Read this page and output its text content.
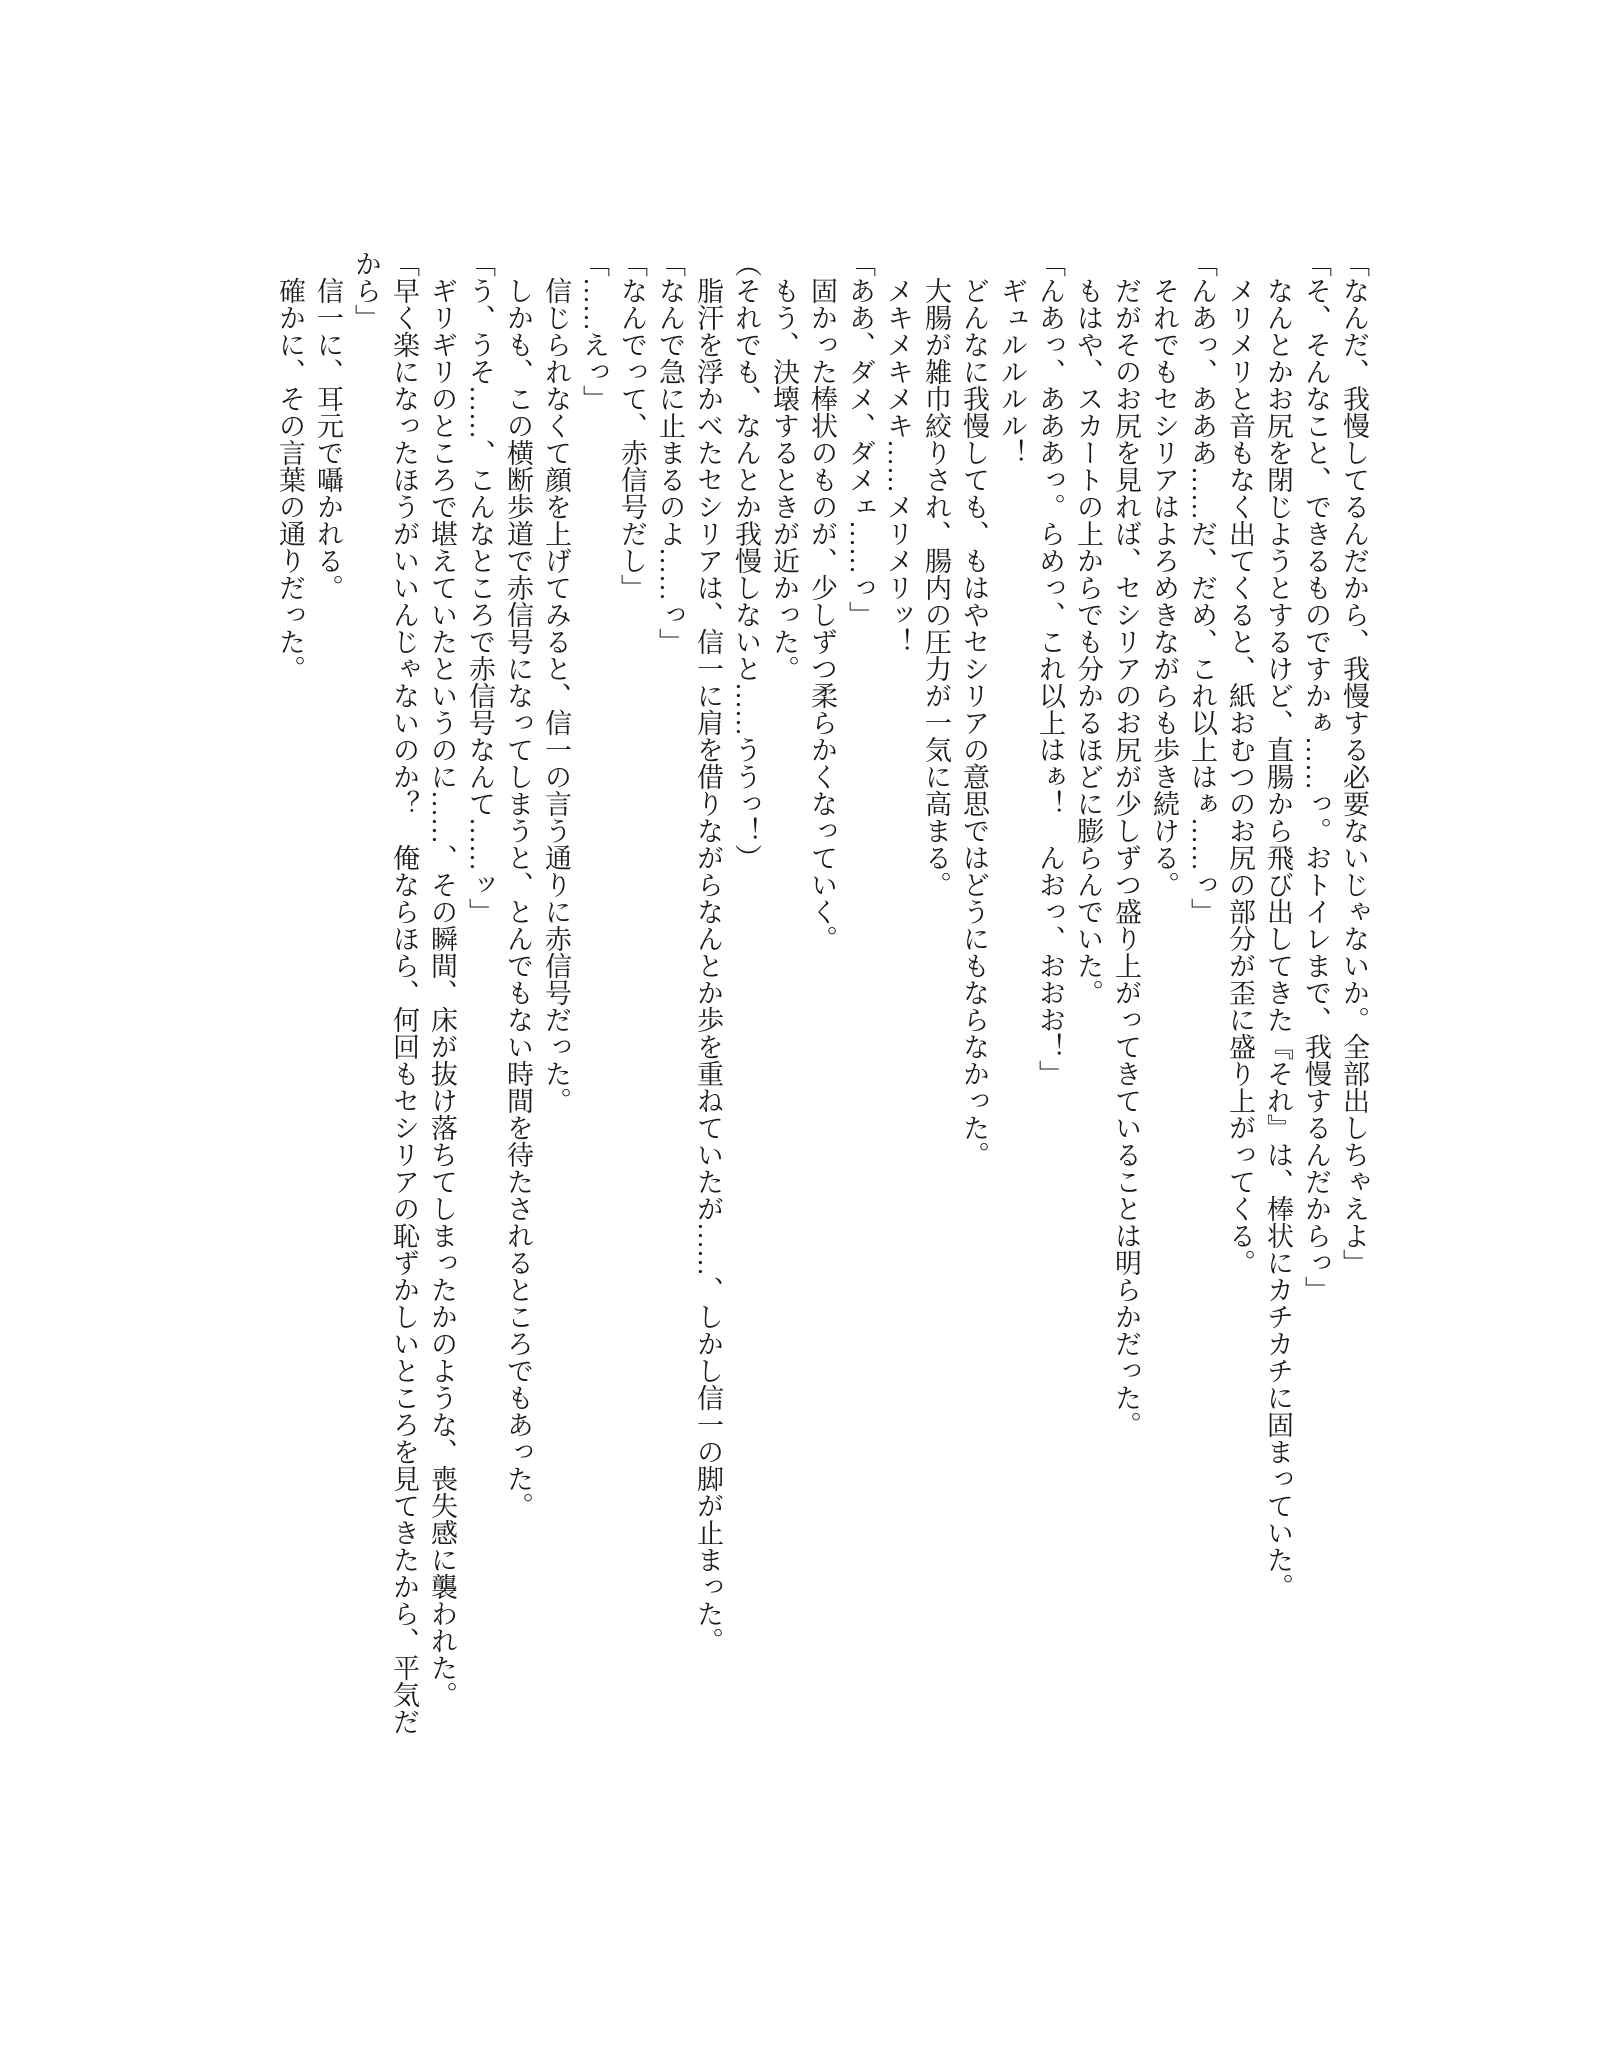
「なんだ、我慢してるんだから、我慢する必要ないじゃないか。全部出しちゃえよ」

「そ、そんなこと、できるものですかぁ……っ。おトイレまで、我慢するんだからっ」

　なんとかお尻を閉じようとするけど、直腸から飛び出してきた『それ』は、棒状にカチカチに固まっていた。

　メリメリと音もなく出てくると、紙おむつのお尻の部分が歪に盛り上がってくる。

「んあっ、あああ……だ、だめ、これ以上はぁ……っ」

　それでもセシリアはよろめきながらも歩き続ける。

　だがそのお尻を見れば、セシリアのお尻が少しずつ盛り上がってきていることは明らかだった。

　もはや、スカートの上からでも分かるほどに膨らんでいた。

「んあっ、あああっ。らめっ、これ以上はぁ！　んおっ、おおお！」

　ギュルルルル！

　どんなに我慢しても、もはやセシリアの意思ではどうにもならなかった。

　大腸が雑巾絞りされ、腸内の圧力が一気に高まる。

　メキメキメキ……メリメリッ！

「ああ、ダメ、ダメェ……っ」

　固かった棒状のものが、少しずつ柔らかくなっていく。

　もう、決壊するときが近かった。

（それでも、なんとか我慢しないと……ううっ！）

　脂汗を浮かべたセシリアは、信一に肩を借りながらなんとか歩を重ねていたが……、しかし信一の脚が止まった。

「なんで急に止まるのよ……っ」

「なんでって、赤信号だし」

「……えっ」

　信じられなくて顔を上げてみると、信一の言う通りに赤信号だった。

　しかも、この横断歩道で赤信号になってしまうと、とんでもない時間を待たされるところでもあった。

「う、うそ……、こんなところで赤信号なんて……ッ」

　ギリギリのところで堪えていたというのに……、その瞬間、床が抜け落ちてしまったかのような、喪失感に襲われた。

「早く楽になったほうがいいんじゃないのか？　俺ならほら、何回もセシリアの恥ずかしいところを見てきたから、平気だから」

　信一に、耳元で囁かれる。

　確かに、その言葉の通りだった。
